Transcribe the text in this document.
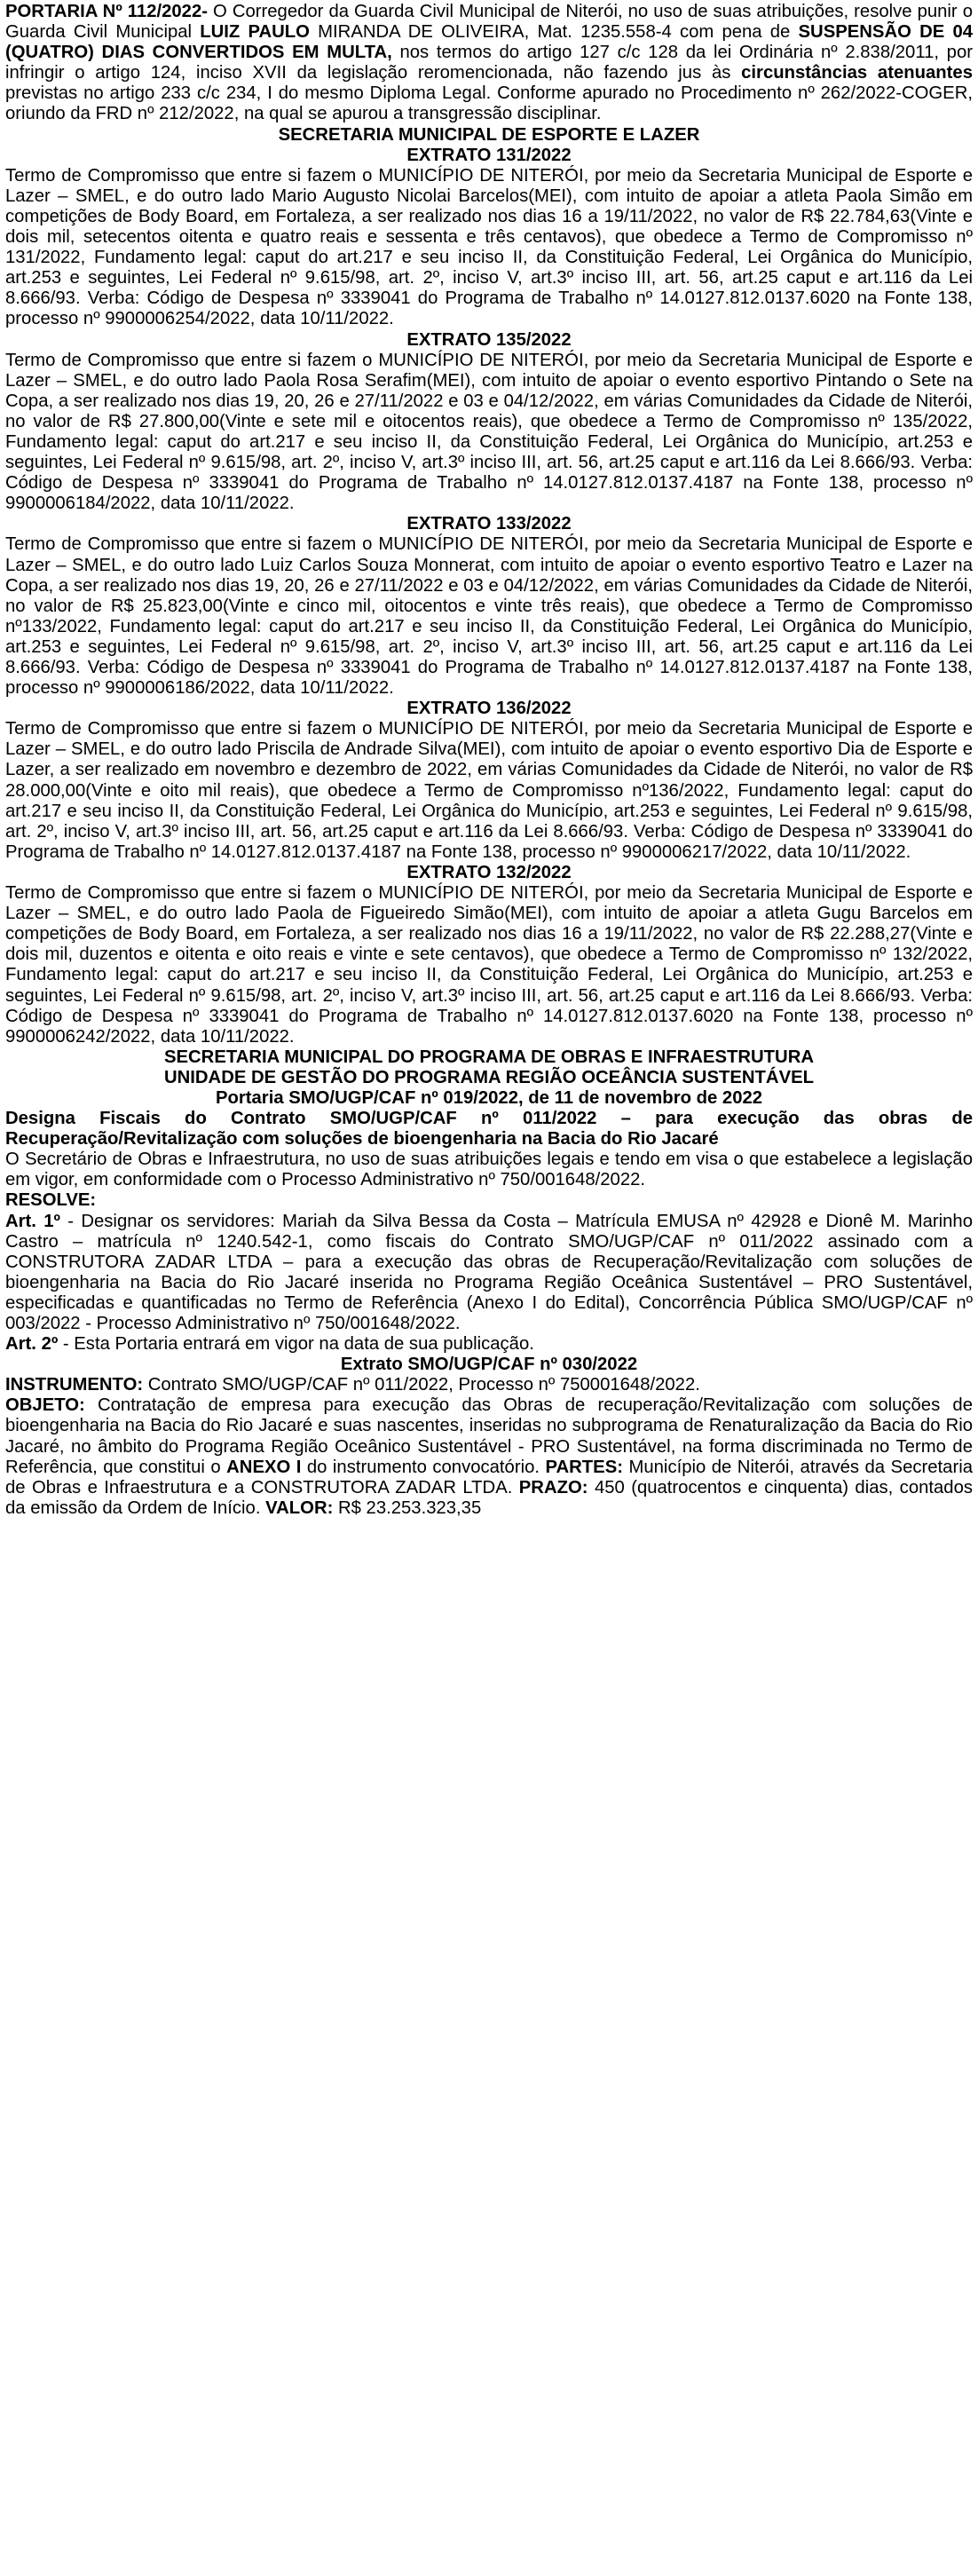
PORTARIA Nº 112/2022- O Corregedor da Guarda Civil Municipal de Niterói, no uso de suas atribuições, resolve punir o Guarda Civil Municipal LUIZ PAULO MIRANDA DE OLIVEIRA, Mat. 1235.558-4 com pena de SUSPENSÃO DE 04 (QUATRO) DIAS CONVERTIDOS EM MULTA, nos termos do artigo 127 c/c 128 da lei Ordinária nº 2.838/2011, por infringir o artigo 124, inciso XVII da legislação reromencionada, não fazendo jus às circunstâncias atenuantes previstas no artigo 233 c/c 234, I do mesmo Diploma Legal. Conforme apurado no Procedimento nº 262/2022-COGER, oriundo da FRD nº 212/2022, na qual se apurou a transgressão disciplinar.

SECRETARIA MUNICIPAL DE ESPORTE E LAZER

EXTRATO 131/2022

Termo de Compromisso que entre si fazem o MUNICÍPIO DE NITERÓI, por meio da Secretaria Municipal de Esporte e Lazer – SMEL, e do outro lado Mario Augusto Nicolai Barcelos(MEI), com intuito de apoiar a atleta Paola Simão em competições de Body Board, em Fortaleza, a ser realizado nos dias 16 a 19/11/2022, no valor de R$ 22.784,63(Vinte e dois mil, setecentos oitenta e quatro reais e sessenta e três centavos), que obedece a Termo de Compromisso nº 131/2022, Fundamento legal: caput do art.217 e seu inciso II, da Constituição Federal, Lei Orgânica do Município, art.253 e seguintes, Lei Federal nº 9.615/98, art. 2º, inciso V, art.3º inciso III, art. 56, art.25 caput e art.116 da Lei 8.666/93. Verba: Código de Despesa nº 3339041 do Programa de Trabalho nº 14.0127.812.0137.6020 na Fonte 138, processo nº 9900006254/2022, data 10/11/2022.

EXTRATO 135/2022

Termo de Compromisso que entre si fazem o MUNICÍPIO DE NITERÓI, por meio da Secretaria Municipal de Esporte e Lazer – SMEL, e do outro lado Paola Rosa Serafim(MEI), com intuito de apoiar o evento esportivo Pintando o Sete na Copa, a ser realizado nos dias 19, 20, 26 e 27/11/2022 e 03 e 04/12/2022, em várias Comunidades da Cidade de Niterói, no valor de R$ 27.800,00(Vinte e sete mil e oitocentos reais), que obedece a Termo de Compromisso nº 135/2022, Fundamento legal: caput do art.217 e seu inciso II, da Constituição Federal, Lei Orgânica do Município, art.253 e seguintes, Lei Federal nº 9.615/98, art. 2º, inciso V, art.3º inciso III, art. 56, art.25 caput e art.116 da Lei 8.666/93. Verba: Código de Despesa nº 3339041 do Programa de Trabalho nº 14.0127.812.0137.4187 na Fonte 138, processo nº 9900006184/2022, data 10/11/2022.

EXTRATO 133/2022

Termo de Compromisso que entre si fazem o MUNICÍPIO DE NITERÓI, por meio da Secretaria Municipal de Esporte e Lazer – SMEL, e do outro lado Luiz Carlos Souza Monnerat, com intuito de apoiar o evento esportivo Teatro e Lazer na Copa, a ser realizado nos dias 19, 20, 26 e 27/11/2022 e 03 e 04/12/2022, em várias Comunidades da Cidade de Niterói, no valor de R$ 25.823,00(Vinte e cinco mil, oitocentos e vinte três reais), que obedece a Termo de Compromisso nº133/2022, Fundamento legal: caput do art.217 e seu inciso II, da Constituição Federal, Lei Orgânica do Município, art.253 e seguintes, Lei Federal nº 9.615/98, art. 2º, inciso V, art.3º inciso III, art. 56, art.25 caput e art.116 da Lei 8.666/93. Verba: Código de Despesa nº 3339041 do Programa de Trabalho nº 14.0127.812.0137.4187 na Fonte 138, processo nº 9900006186/2022, data 10/11/2022.

EXTRATO 136/2022

Termo de Compromisso que entre si fazem o MUNICÍPIO DE NITERÓI, por meio da Secretaria Municipal de Esporte e Lazer – SMEL, e do outro lado Priscila de Andrade Silva(MEI), com intuito de apoiar o evento esportivo Dia de Esporte e Lazer, a ser realizado em novembro e dezembro de 2022, em várias Comunidades da Cidade de Niterói, no valor de R$ 28.000,00(Vinte e oito mil reais), que obedece a Termo de Compromisso nº136/2022, Fundamento legal: caput do art.217 e seu inciso II, da Constituição Federal, Lei Orgânica do Município, art.253 e seguintes, Lei Federal nº 9.615/98, art. 2º, inciso V, art.3º inciso III, art. 56, art.25 caput e art.116 da Lei 8.666/93. Verba: Código de Despesa nº 3339041 do Programa de Trabalho nº 14.0127.812.0137.4187 na Fonte 138, processo nº 9900006217/2022, data 10/11/2022.

EXTRATO 132/2022

Termo de Compromisso que entre si fazem o MUNICÍPIO DE NITERÓI, por meio da Secretaria Municipal de Esporte e Lazer – SMEL, e do outro lado Paola de Figueiredo Simão(MEI), com intuito de apoiar a atleta Gugu Barcelos em competições de Body Board, em Fortaleza, a ser realizado nos dias 16 a 19/11/2022, no valor de R$ 22.288,27(Vinte e dois mil, duzentos e oitenta e oito reais e vinte e sete centavos), que obedece a Termo de Compromisso nº 132/2022, Fundamento legal: caput do art.217 e seu inciso II, da Constituição Federal, Lei Orgânica do Município, art.253 e seguintes, Lei Federal nº 9.615/98, art. 2º, inciso V, art.3º inciso III, art. 56, art.25 caput e art.116 da Lei 8.666/93. Verba: Código de Despesa nº 3339041 do Programa de Trabalho nº 14.0127.812.0137.6020 na Fonte 138, processo nº 9900006242/2022, data 10/11/2022.

SECRETARIA MUNICIPAL DO PROGRAMA DE OBRAS E INFRAESTRUTURA

UNIDADE DE GESTÃO DO PROGRAMA REGIÃO OCEÂNCIA SUSTENTÁVEL

Portaria SMO/UGP/CAF nº 019/2022, de 11 de novembro de 2022

Designa Fiscais do Contrato SMO/UGP/CAF nº 011/2022 – para execução das obras de Recuperação/Revitalização com soluções de bioengenharia na Bacia do Rio Jacaré

O Secretário de Obras e Infraestrutura, no uso de suas atribuições legais e tendo em visa o que estabelece a legislação em vigor, em conformidade com o Processo Administrativo nº 750/001648/2022.

RESOLVE:

Art. 1º - Designar os servidores: Mariah da Silva Bessa da Costa – Matrícula EMUSA nº 42928 e Dionê M. Marinho Castro – matrícula nº 1240.542-1, como fiscais do Contrato SMO/UGP/CAF nº 011/2022 assinado com a CONSTRUTORA ZADAR LTDA – para a execução das obras de Recuperação/Revitalização com soluções de bioengenharia na Bacia do Rio Jacaré inserida no Programa Região Oceânica Sustentável – PRO Sustentável, especificadas e quantificadas no Termo de Referência (Anexo I do Edital), Concorrência Pública SMO/UGP/CAF nº 003/2022 - Processo Administrativo nº 750/001648/2022.

Art. 2º - Esta Portaria entrará em vigor na data de sua publicação.

Extrato SMO/UGP/CAF nº 030/2022

INSTRUMENTO: Contrato SMO/UGP/CAF nº 011/2022, Processo nº 750001648/2022.

OBJETO: Contratação de empresa para execução das Obras de recuperação/Revitalização com soluções de bioengenharia na Bacia do Rio Jacaré e suas nascentes, inseridas no subprograma de Renaturalização da Bacia do Rio Jacaré, no âmbito do Programa Região Oceânico Sustentável - PRO Sustentável, na forma discriminada no Termo de Referência, que constitui o ANEXO I do instrumento convocatório. PARTES: Município de Niterói, através da Secretaria de Obras e Infraestrutura e a CONSTRUTORA ZADAR LTDA. PRAZO: 450 (quatrocentos e cinquenta) dias, contados da emissão da Ordem de Início. VALOR: R$ 23.253.323,35
